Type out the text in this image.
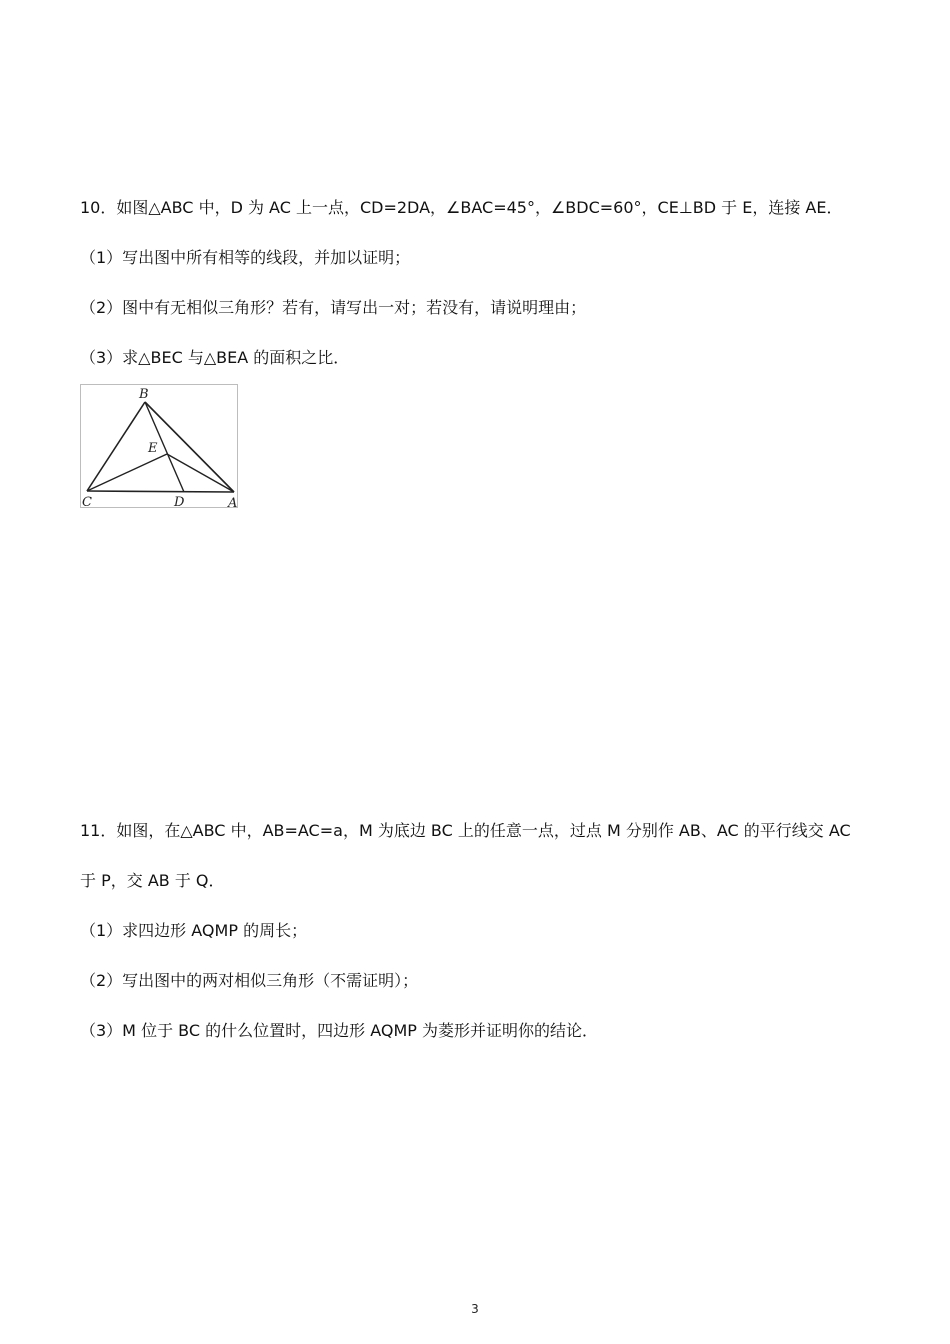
10．如图△ABC 中，D 为 AC 上一点，CD=2DA，∠BAC=45°，∠BDC=60°，CE⊥BD 于 E，连接 AE．
（1）写出图中所有相等的线段，并加以证明；
（2）图中有无相似三角形？若有，请写出一对；若没有，请说明理由；
（3）求△BEC 与△BEA 的面积之比．
B
E
C	D	A
11．如图，在△ABC 中，AB=AC=a，M 为底边 BC 上的任意一点，过点 M 分别作 AB、AC 的平行线交 AC
于 P，交 AB 于 Q．
（1）求四边形 AQMP 的周长；
（2）写出图中的两对相似三角形（不需证明）；
（3）M 位于 BC 的什么位置时，四边形 AQMP 为菱形并证明你的结论．
3
